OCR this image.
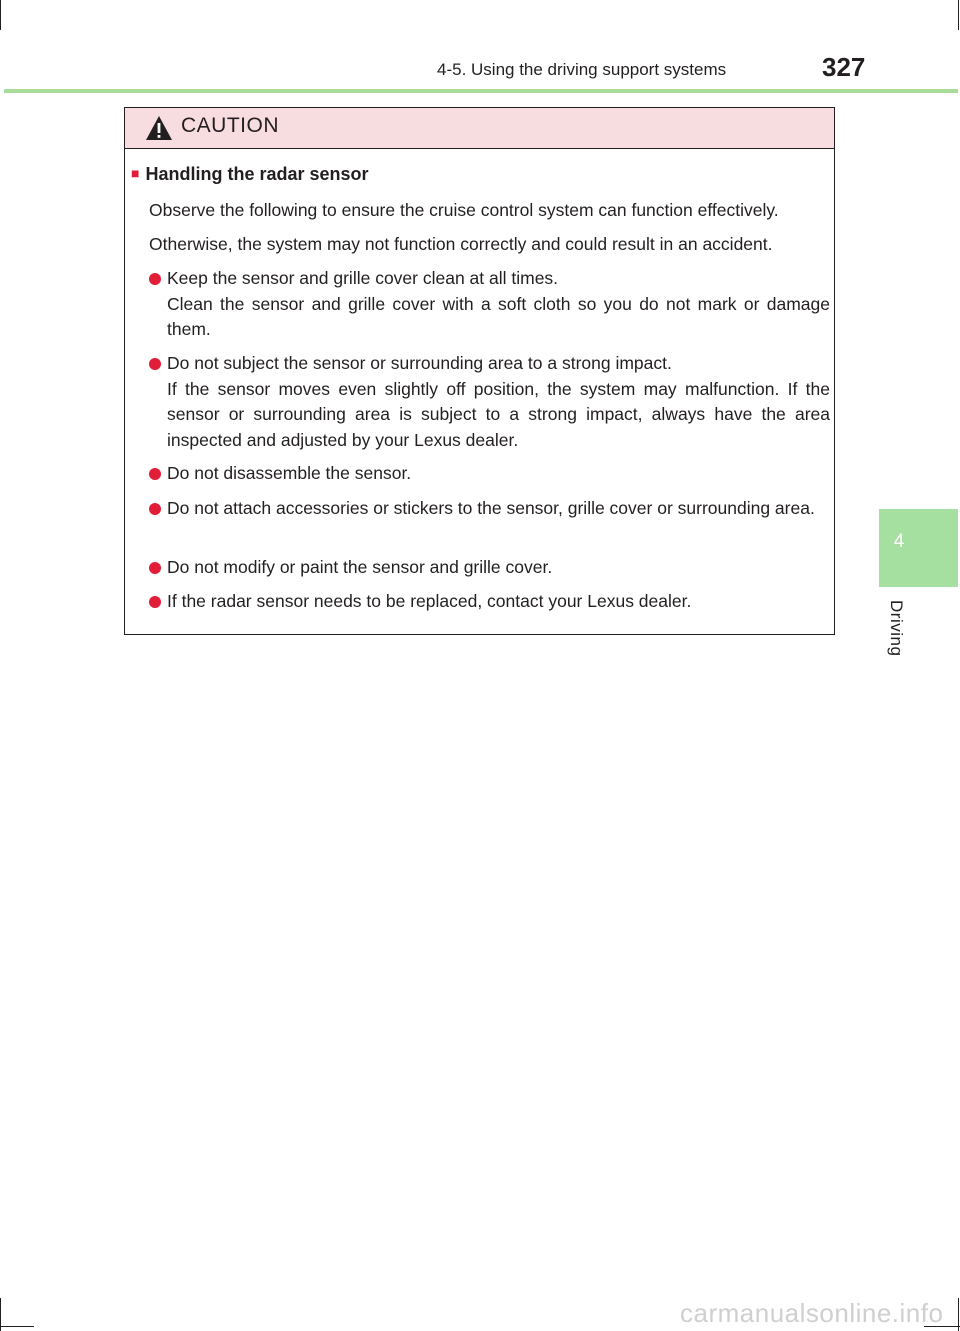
4-5. Using the driving support systems	327
4
Driving
CAUTION
■ Handling the radar sensor
Observe the following to ensure the cruise control system can function effectively.
Otherwise, the system may not function correctly and could result in an accident.
Keep the sensor and grille cover clean at all times.
Clean the sensor and grille cover with a soft cloth so you do not mark or damage them.
Do not subject the sensor or surrounding area to a strong impact.
If the sensor moves even slightly off position, the system may malfunction. If the sensor or surrounding area is subject to a strong impact, always have the area inspected and adjusted by your Lexus dealer.
Do not disassemble the sensor.
Do not attach accessories or stickers to the sensor, grille cover or surrounding area.
Do not modify or paint the sensor and grille cover.
If the radar sensor needs to be replaced, contact your Lexus dealer.
carmanualsonline.info
